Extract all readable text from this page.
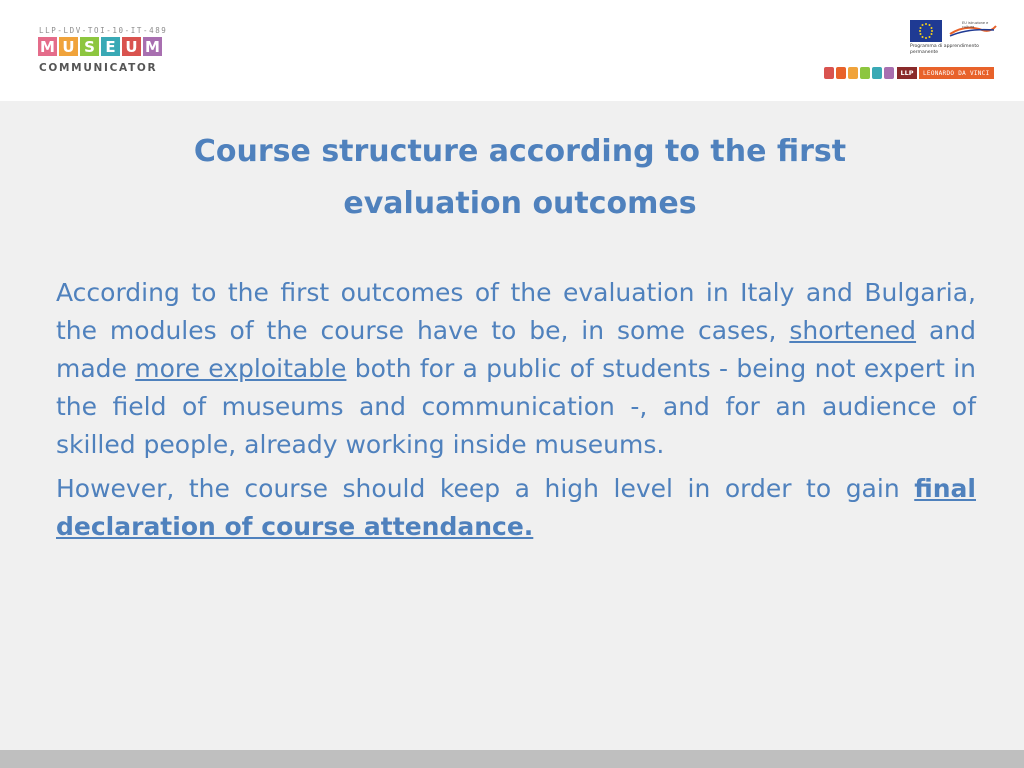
LLP-LDV-TOI-10-IT-489
M U S E U M
COMMUNICATOR
EU istruzione e cultura
Programma di apprendimento permanente
LLP	LEONARDO DA VINCI
Course structure according to the first
evaluation outcomes

According to the first outcomes of the evaluation in Italy and Bulgaria, the modules of the course have to be, in some cases, shortened and made more exploitable both for a public of students - being not expert in the field of museums and communication -, and for an audience of skilled people, already working inside museums.

However, the course should keep a high level in order to gain final declaration of course attendance.
